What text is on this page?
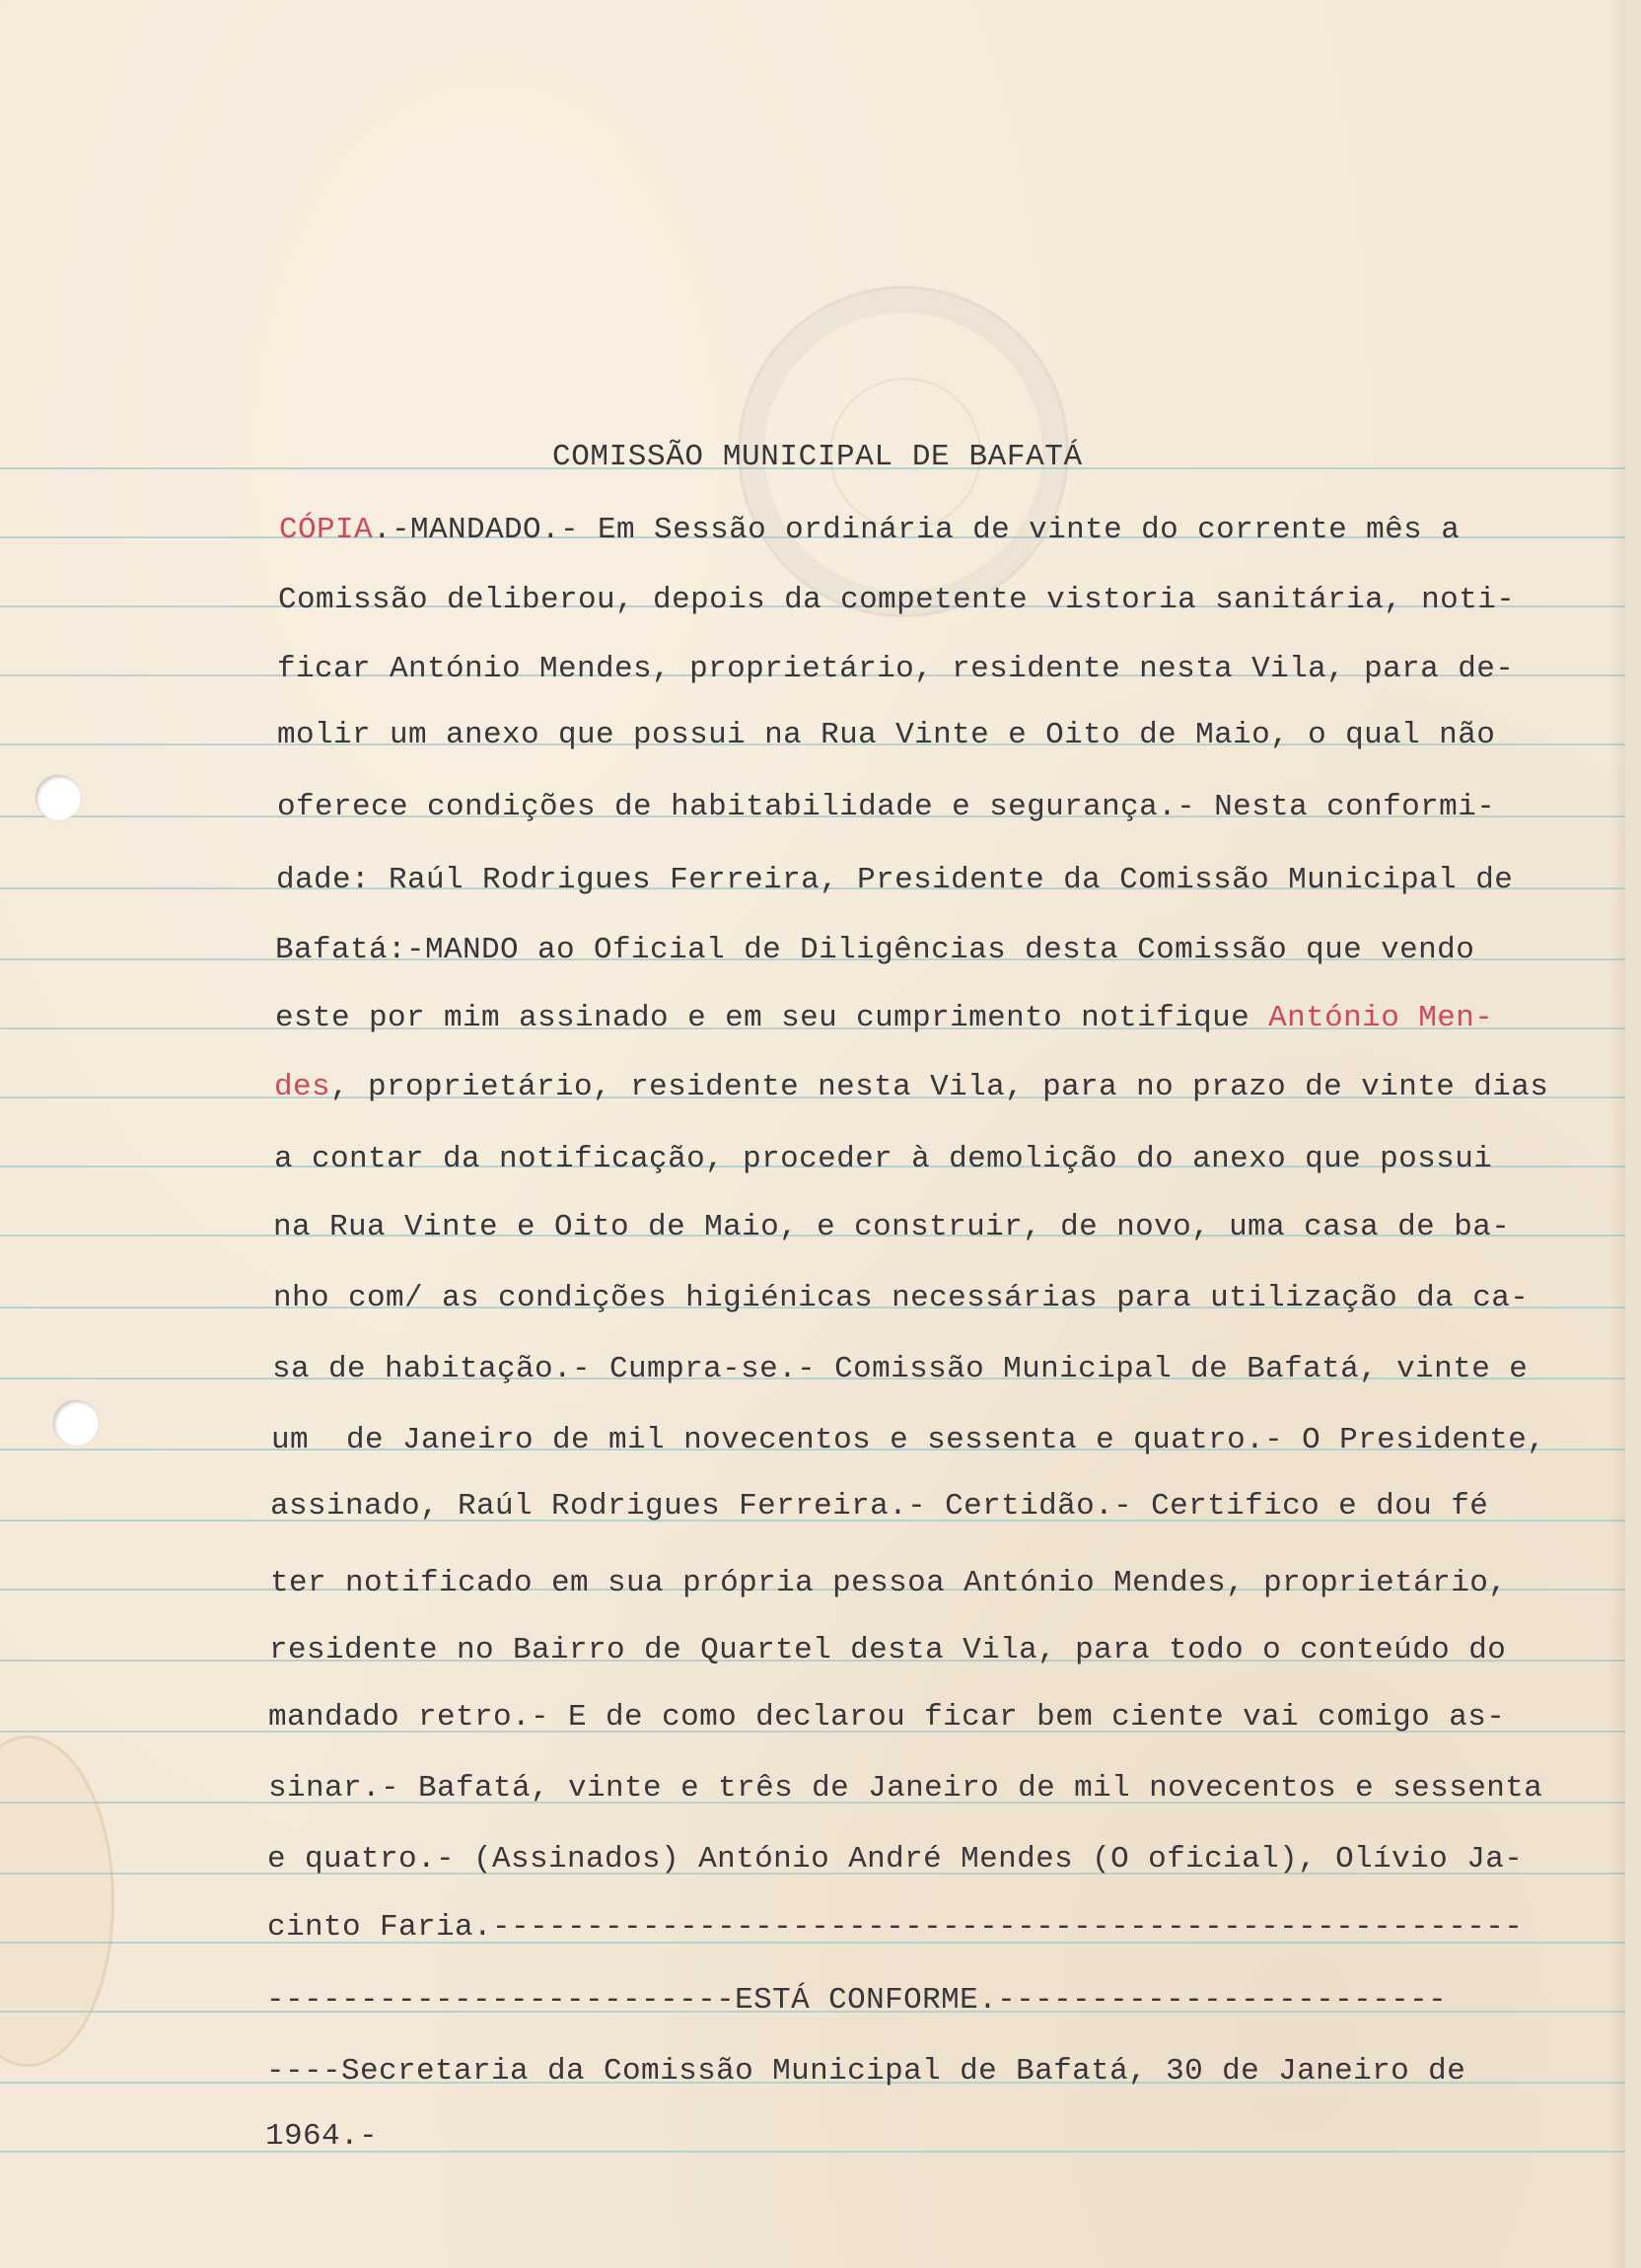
COMISSÃO MUNICIPAL DE BAFATÁ
CÓPIA.-MANDADO.- Em Sessão ordinária de vinte do corrente mês a
Comissão deliberou, depois da competente vistoria sanitária, noti-
ficar António Mendes, proprietário, residente nesta Vila, para de-
molir um anexo que possui na Rua Vinte e Oito de Maio, o qual não
oferece condições de habitabilidade e segurança.- Nesta conformi-
dade: Raúl Rodrigues Ferreira, Presidente da Comissão Municipal de
Bafatá:-MANDO ao Oficial de Diligências desta Comissão que vendo
este por mim assinado e em seu cumprimento notifique António Men-
des, proprietário, residente nesta Vila, para no prazo de vinte dias
a contar da notificação, proceder à demolição do anexo que possui
na Rua Vinte e Oito de Maio, e construir, de novo, uma casa de ba-
nho com/ as condições higiénicas necessárias para utilização da ca-
sa de habitação.- Cumpra-se.- Comissão Municipal de Bafatá, vinte e
um  de Janeiro de mil novecentos e sessenta e quatro.- O Presidente,
assinado, Raúl Rodrigues Ferreira.- Certidão.- Certifico e dou fé
ter notificado em sua própria pessoa António Mendes, proprietário,
residente no Bairro de Quartel desta Vila, para todo o conteúdo do
mandado retro.- E de como declarou ficar bem ciente vai comigo as-
sinar.- Bafatá, vinte e três de Janeiro de mil novecentos e sessenta
e quatro.- (Assinados) António André Mendes (O oficial), Olívio Ja-
cinto Faria.-------------------------------------------------------
-------------------------ESTÁ CONFORME.------------------------
----Secretaria da Comissão Municipal de Bafatá, 30 de Janeiro de
1964.-
